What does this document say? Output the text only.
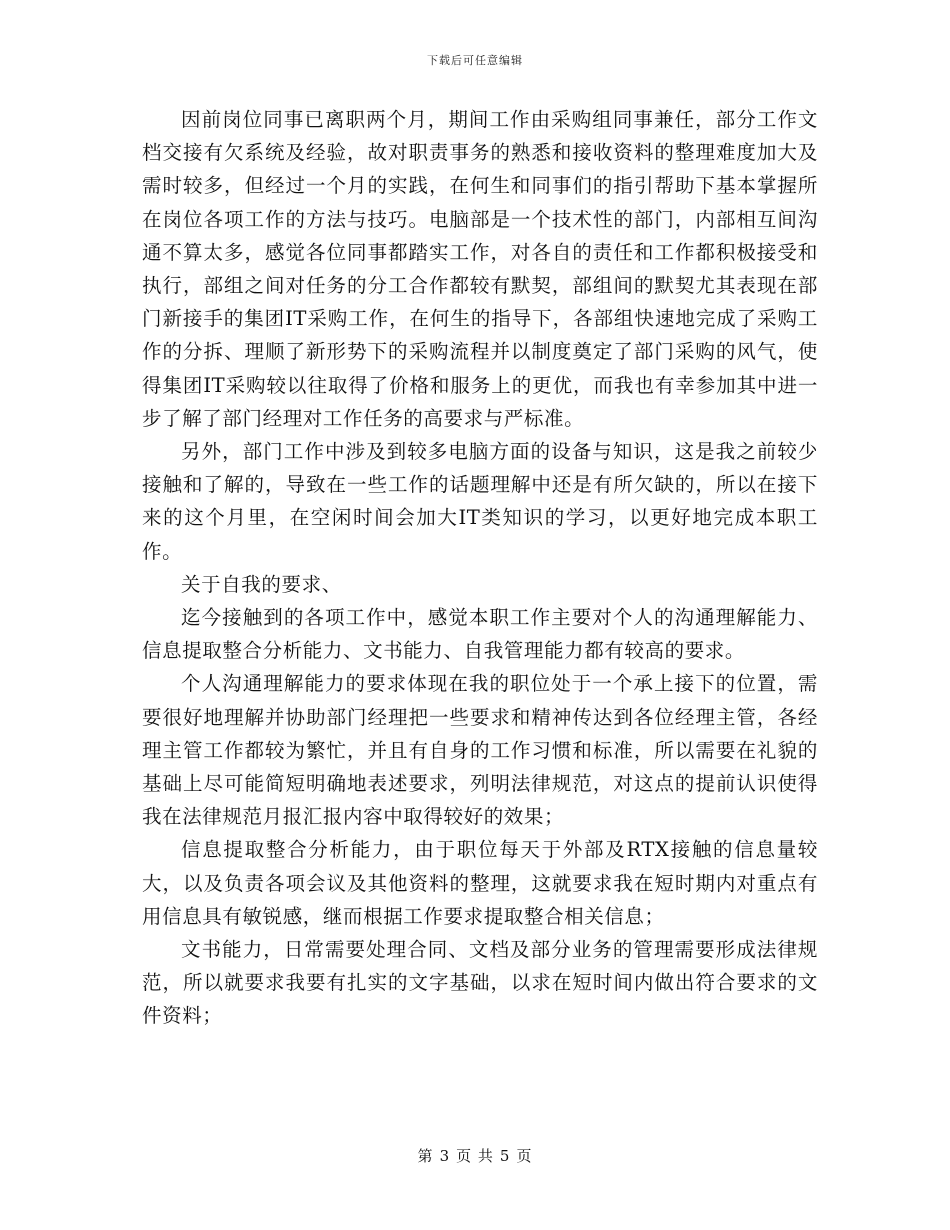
下载后可任意编辑

因前岗位同事已离职两个月，期间工作由采购组同事兼任，部分工作文档交接有欠系统及经验，故对职责事务的熟悉和接收资料的整理难度加大及需时较多，但经过一个月的实践，在何生和同事们的指引帮助下基本掌握所在岗位各项工作的方法与技巧。电脑部是一个技术性的部门，内部相互间沟通不算太多，感觉各位同事都踏实工作，对各自的责任和工作都积极接受和执行，部组之间对任务的分工合作都较有默契，部组间的默契尤其表现在部门新接手的集团IT采购工作，在何生的指导下，各部组快速地完成了采购工作的分拆、理顺了新形势下的采购流程并以制度奠定了部门采购的风气，使得集团IT采购较以往取得了价格和服务上的更优，而我也有幸参加其中进一步了解了部门经理对工作任务的高要求与严标准。

另外，部门工作中涉及到较多电脑方面的设备与知识，这是我之前较少接触和了解的，导致在一些工作的话题理解中还是有所欠缺的，所以在接下来的这个月里，在空闲时间会加大IT类知识的学习，以更好地完成本职工作。

关于自我的要求、

迄今接触到的各项工作中，感觉本职工作主要对个人的沟通理解能力、信息提取整合分析能力、文书能力、自我管理能力都有较高的要求。

个人沟通理解能力的要求体现在我的职位处于一个承上接下的位置，需要很好地理解并协助部门经理把一些要求和精神传达到各位经理主管，各经理主管工作都较为繁忙，并且有自身的工作习惯和标准，所以需要在礼貌的基础上尽可能简短明确地表述要求，列明法律规范，对这点的提前认识使得我在法律规范月报汇报内容中取得较好的效果；

信息提取整合分析能力，由于职位每天于外部及RTX接触的信息量较大，以及负责各项会议及其他资料的整理，这就要求我在短时期内对重点有用信息具有敏锐感，继而根据工作要求提取整合相关信息；

文书能力，日常需要处理合同、文档及部分业务的管理需要形成法律规范，所以就要求我要有扎实的文字基础，以求在短时间内做出符合要求的文件资料；

第 3 页 共 5 页
